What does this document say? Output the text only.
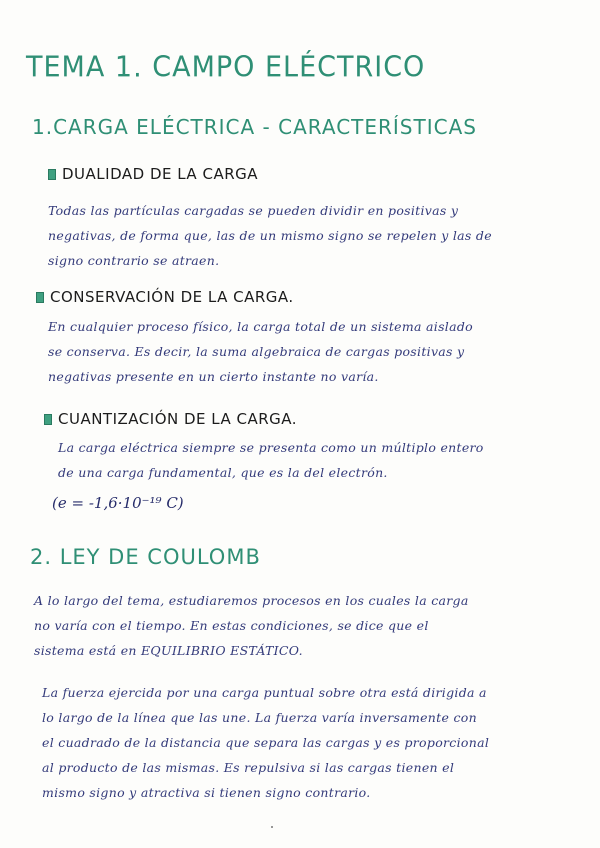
TEMA 1. CAMPO ELÉCTRICO
1.CARGA ELÉCTRICA - CARACTERÍSTICAS
DUALIDAD DE LA CARGA
Todas las partículas cargadas se pueden dividir en positivas y
negativas, de forma que, las de un mismo signo se repelen y las de
signo contrario se atraen.
CONSERVACIÓN DE LA CARGA.
En cualquier proceso físico, la carga total de un sistema aislado
se conserva. Es decir, la suma algebraica de cargas positivas y
negativas presente en un cierto instante no varía.
CUANTIZACIÓN DE LA CARGA.
La carga eléctrica siempre se presenta como un múltiplo entero
de una carga fundamental, que es la del electrón.
(e = -1,6·10⁻¹⁹ C)
2. LEY DE COULOMB
A lo largo del tema, estudiaremos procesos en los cuales la carga
no varía con el tiempo. En estas condiciones, se dice que el
sistema está en EQUILIBRIO ESTÁTICO.
La fuerza ejercida por una carga puntual sobre otra está dirigida a
lo largo de la línea que las une. La fuerza varía inversamente con
el cuadrado de la distancia que separa las cargas y es proporcional
al producto de las mismas. Es repulsiva si las cargas tienen el
mismo signo y atractiva si tienen signo contrario.
